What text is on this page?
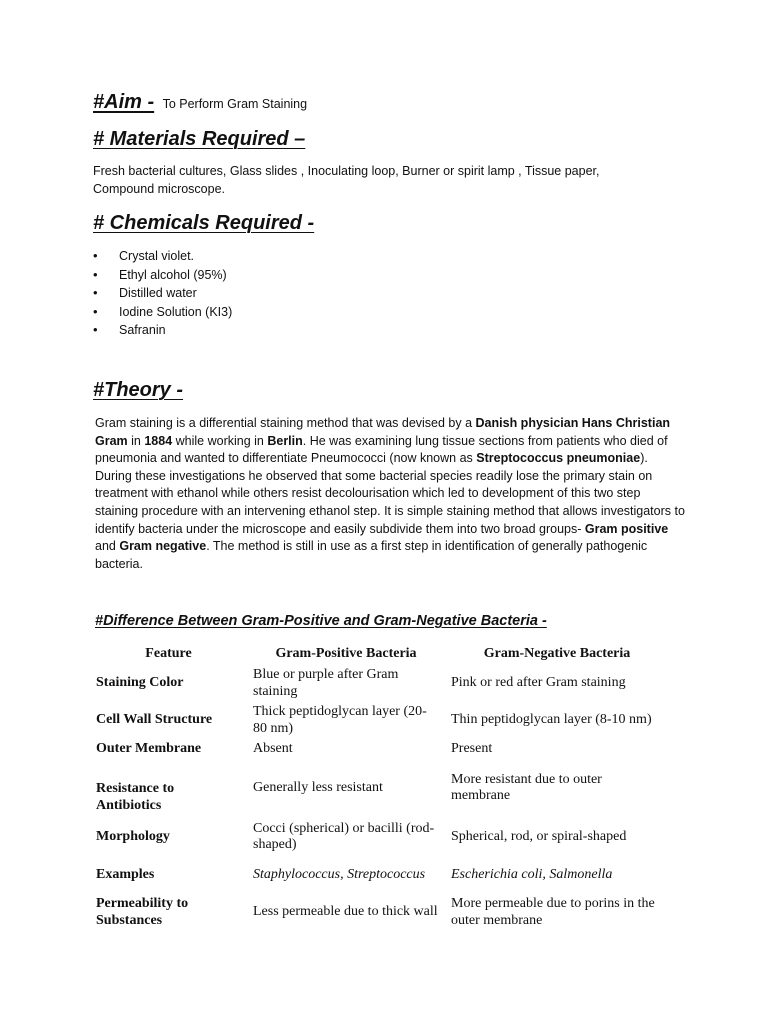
#Aim - To Perform Gram Staining
# Materials Required –
Fresh bacterial cultures, Glass slides , Inoculating loop, Burner or spirit lamp , Tissue paper, Compound microscope.
# Chemicals Required -
• Crystal violet.
• Ethyl alcohol (95%)
• Distilled water
• Iodine Solution (KI3)
• Safranin
#Theory -

Gram staining is a differential staining method that was devised by a Danish physician Hans Christian Gram in 1884 while working in Berlin. He was examining lung tissue sections from patients who died of pneumonia and wanted to differentiate Pneumococci (now known as Streptococcus pneumoniae). During these investigations he observed that some bacterial species readily lose the primary stain on treatment with ethanol while others resist decolourisation which led to development of this two step staining procedure with an intervening ethanol step. It is simple staining method that allows investigators to identify bacteria under the microscope and easily subdivide them into two broad groups- Gram positive and Gram negative. The method is still in use as a first step in identification of generally pathogenic bacteria.

#Difference Between Gram-Positive and Gram-Negative Bacteria -
Feature	Gram-Positive Bacteria	Gram-Negative Bacteria
Staining Color	Blue or purple after Gram staining	Pink or red after Gram staining
Cell Wall Structure	Thick peptidoglycan layer (20-80 nm)	Thin peptidoglycan layer (8-10 nm)
Outer Membrane	Absent	Present
Resistance to Antibiotics	Generally less resistant	More resistant due to outer membrane
Morphology	Cocci (spherical) or bacilli (rod-shaped)	Spherical, rod, or spiral-shaped
Examples	Staphylococcus, Streptococcus	Escherichia coli, Salmonella
Permeability to Substances	Less permeable due to thick wall	More permeable due to porins in the outer membrane
